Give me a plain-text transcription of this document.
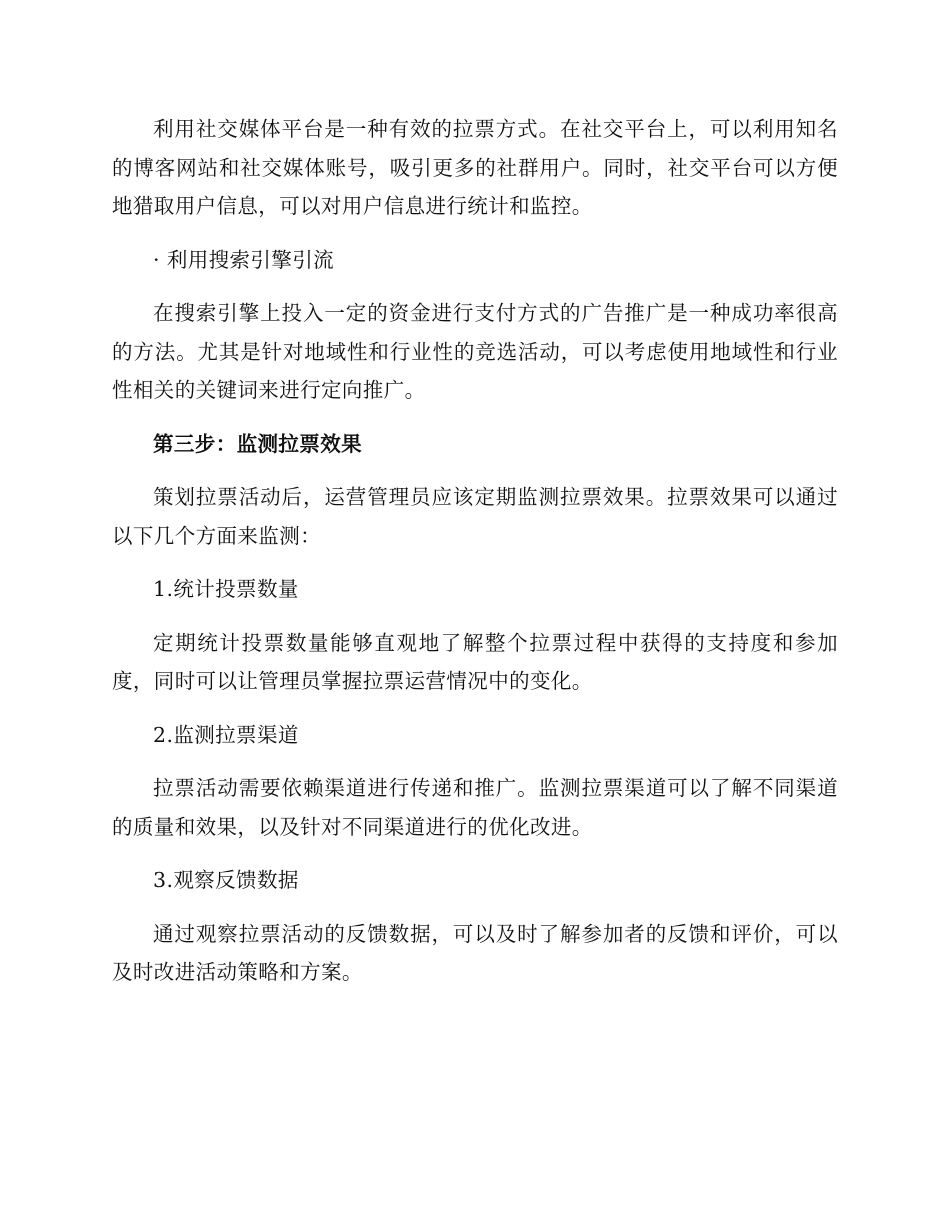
利用社交媒体平台是一种有效的拉票方式。在社交平台上，可以利用知名的博客网站和社交媒体账号，吸引更多的社群用户。同时，社交平台可以方便地猎取用户信息，可以对用户信息进行统计和监控。

· 利用搜索引擎引流

在搜索引擎上投入一定的资金进行支付方式的广告推广是一种成功率很高的方法。尤其是针对地域性和行业性的竞选活动，可以考虑使用地域性和行业性相关的关键词来进行定向推广。

第三步：监测拉票效果

策划拉票活动后，运营管理员应该定期监测拉票效果。拉票效果可以通过以下几个方面来监测：

1.统计投票数量

定期统计投票数量能够直观地了解整个拉票过程中获得的支持度和参加度，同时可以让管理员掌握拉票运营情况中的变化。

2.监测拉票渠道

拉票活动需要依赖渠道进行传递和推广。监测拉票渠道可以了解不同渠道的质量和效果，以及针对不同渠道进行的优化改进。

3.观察反馈数据

通过观察拉票活动的反馈数据，可以及时了解参加者的反馈和评价，可以及时改进活动策略和方案。
